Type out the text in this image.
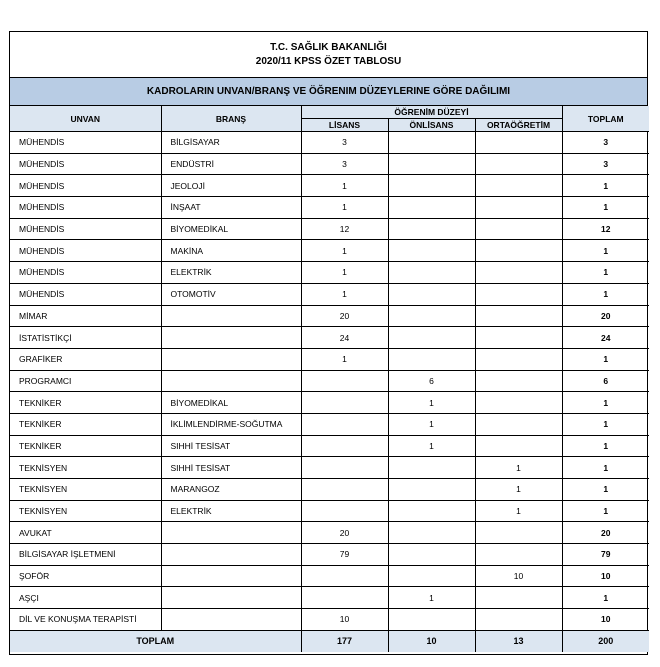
T.C. SAĞLIK BAKANLIĞI
2020/11 KPSS ÖZET TABLOSU
KADROLARIN UNVAN/BRANŞ VE ÖĞRENIM DÜZEYLERINE GÖRE DAĞILIMI
UNVAN	BRANŞ	ÖĞRENİM DÜZEYİ			TOPLAM
		LİSANS	ÖNLİSANS	ORTAÖĞRETİM	
MÜHENDİS	BİLGİSAYAR	3			3
MÜHENDİS	ENDÜSTRİ	3			3
MÜHENDİS	JEOLOJİ	1			1
MÜHENDİS	İNŞAAT	1			1
MÜHENDİS	BİYOMEDİKAL	12			12
MÜHENDİS	MAKİNA	1			1
MÜHENDİS	ELEKTRİK	1			1
MÜHENDİS	OTOMOTİV	1			1
MİMAR		20			20
İSTATİSTİKÇİ		24			24
GRAFİKER		1			1
PROGRAMCI			6		6
TEKNİKER	BİYOMEDİKAL		1		1
TEKNİKER	İKLİMLENDİRME-SOĞUTMA		1		1
TEKNİKER	SIHHİ TESİSAT		1		1
TEKNİSYEN	SIHHİ TESİSAT			1	1
TEKNİSYEN	MARANGOZ			1	1
TEKNİSYEN	ELEKTRİK			1	1
AVUKAT		20			20
BİLGİSAYAR İŞLETMENİ		79			79
ŞOFÖR				10	10
AŞÇI			1		1
DİL VE KONUŞMA TERAPİSTİ		10			10
TOPLAM		177	10	13	200
